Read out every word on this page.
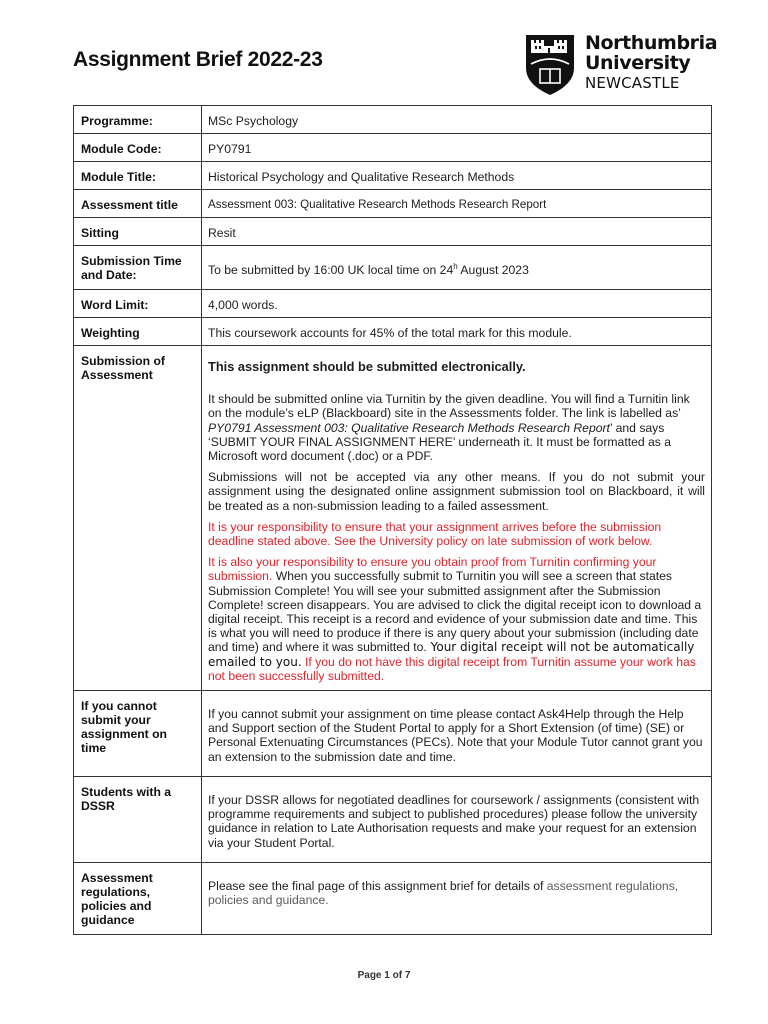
Assignment Brief 2022-23
Northumbria
University
NEWCASTLE
Programme:	MSc Psychology
Module Code:	PY0791
Module Title:	Historical Psychology and Qualitative Research Methods
Assessment title	Assessment 003: Qualitative Research Methods Research Report
Sitting	Resit
Submission Time and Date:	To be submitted by 16:00 UK local time on 24$^h$ August 2023
Word Limit:	4,000 words.
Weighting	This coursework accounts for 45% of the total mark for this module.
Submission of Assessment	This assignment should be submitted electronically.

It should be submitted online via Turnitin by the given deadline. You will find a Turnitin link on the module’s eLP (Blackboard) site in the Assessments folder. The link is labelled as’ PY0791 Assessment 003: Qualitative Research Methods Research Report’ and says ‘SUBMIT YOUR FINAL ASSIGNMENT HERE’ underneath it. It must be formatted as a Microsoft word document (.doc) or a PDF.

Submissions will not be accepted via any other means. If you do not submit your assignment using the designated online assignment submission tool on Blackboard, it will be treated as a non-submission leading to a failed assessment.

It is your responsibility to ensure that your assignment arrives before the submission deadline stated above. See the University policy on late submission of work below.

It is also your responsibility to ensure you obtain proof from Turnitin confirming your submission. When you successfully submit to Turnitin you will see a screen that states Submission Complete! You will see your submitted assignment after the Submission Complete! screen disappears. You are advised to click the digital receipt icon to download a digital receipt. This receipt is a record and evidence of your submission date and time. This is what you will need to produce if there is any query about your submission (including date and time) and where it was submitted to. Your digital receipt will not be automatically emailed to you. If you do not have this digital receipt from Turnitin assume your work has not been successfully submitted.

If you cannot submit your assignment on time	If you cannot submit your assignment on time please contact Ask4Help through the Help and Support section of the Student Portal to apply for a Short Extension (of time) (SE) or Personal Extenuating Circumstances (PECs). Note that your Module Tutor cannot grant you an extension to the submission date and time.

Students with a DSSR	If your DSSR allows for negotiated deadlines for coursework / assignments (consistent with programme requirements and subject to published procedures) please follow the university guidance in relation to Late Authorisation requests and make your request for an extension via your Student Portal.

Assessment regulations, policies and guidance	Please see the final page of this assignment brief for details of assessment regulations, policies and guidance.

Page 1 of 7
